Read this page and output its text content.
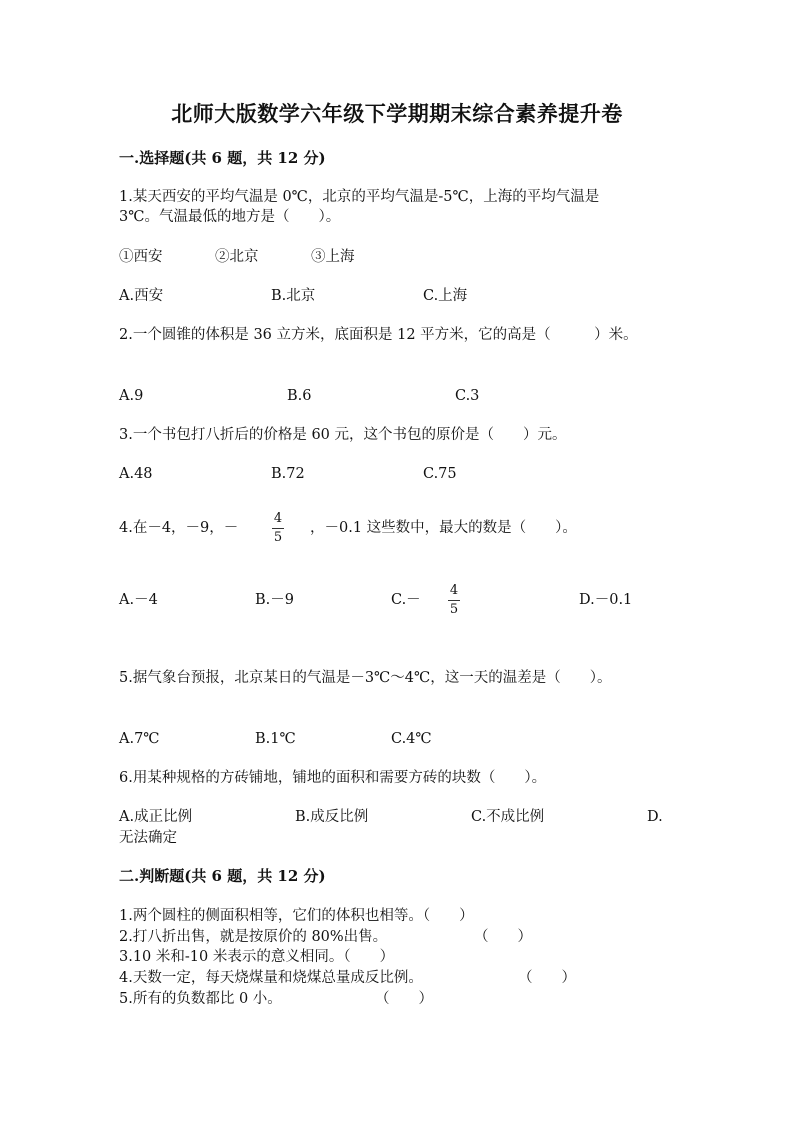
北师大版数学六年级下学期期末综合素养提升卷
一.选择题(共 6 题，共 12 分)
1.某天西安的平均气温是 0℃，北京的平均气温是-5℃，上海的平均气温是
3℃。气温最低的地方是（　　）。
①西安	②北京	③上海
A.西安	B.北京	C.上海
2.一个圆锥的体积是 36 立方米，底面积是 12 平方米，它的高是（　　　）米。
A.9	B.6	C.3
3.一个书包打八折后的价格是 60 元，这个书包的原价是（　　）元。
A.48	B.72	C.75
4.在－4，－9，－
4
5
，－0.1 这些数中，最大的数是（　　）。
A.－4	B.－9	C.－
4
5
D.－0.1
5.据气象台预报，北京某日的气温是－3℃～4℃，这一天的温差是（　　）。
A.7℃	B.1℃	C.4℃
6.用某种规格的方砖铺地，铺地的面积和需要方砖的块数（　　）。
A.成正比例	B.成反比例	C.不成比例	D.
无法确定
二.判断题(共 6 题，共 12 分)
1.两个圆柱的侧面积相等，它们的体积也相等。（　　）
2.打八折出售，就是按原价的 80%出售。	（　　）
3.10 米和-10 米表示的意义相同。（　　）
4.天数一定，每天烧煤量和烧煤总量成反比例。	（　　）
5.所有的负数都比 0 小。	（　　）
